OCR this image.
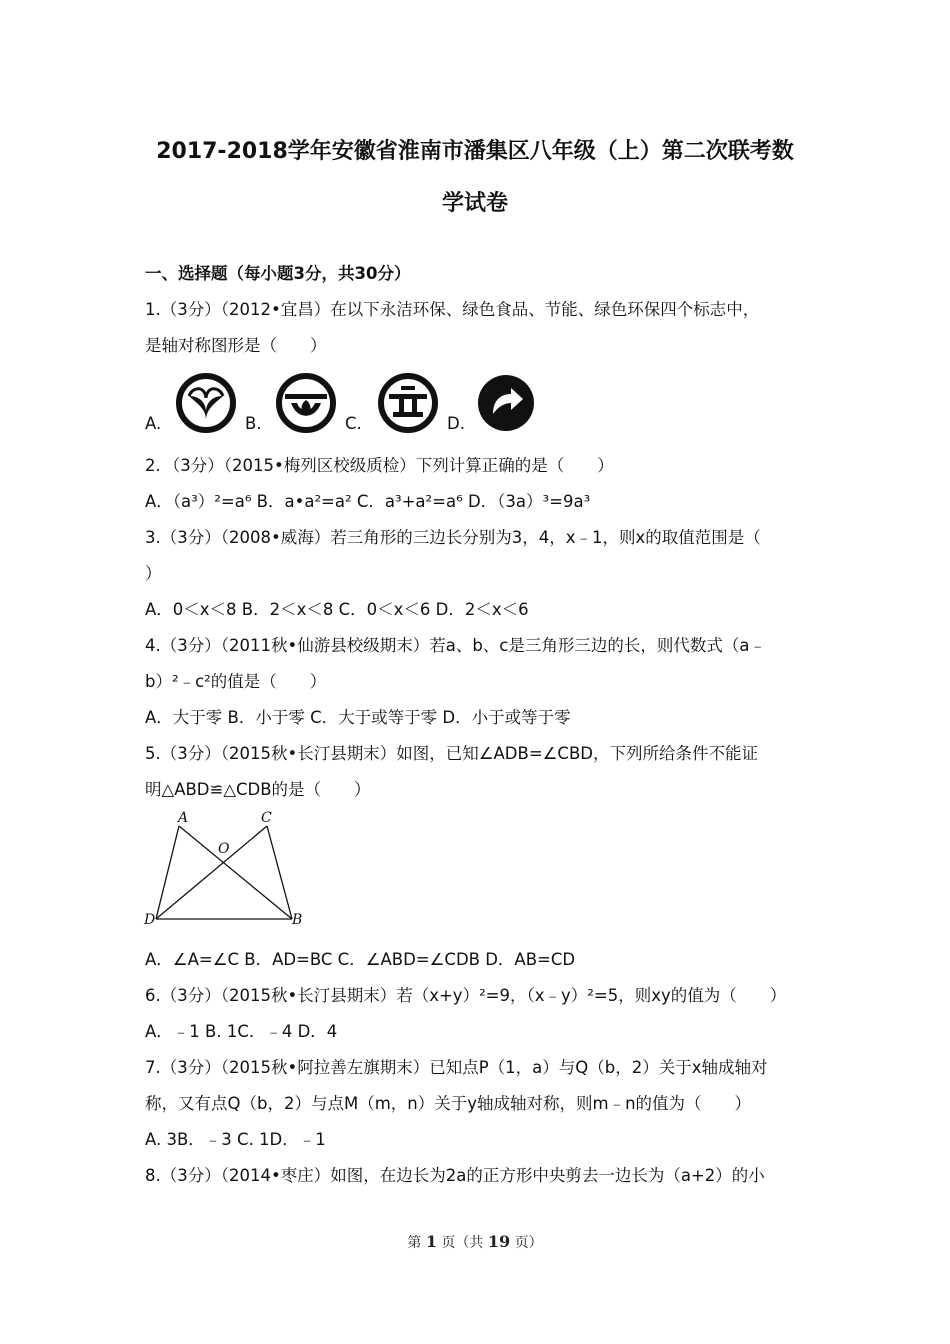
2017-2018学年安徽省淮南市潘集区八年级（上）第二次联考数
学试卷
一、选择题（每小题3分，共30分）
1.（3分）（2012•宜昌）在以下永洁环保、绿色食品、节能、绿色环保四个标志中，
是轴对称图形是（　　）
A.	B.	C.	D.
2．（3分）（2015•梅列区校级质检）下列计算正确的是（　　）
A．（a³）²=a⁶ B．a•a²=a² C．a³+a²=a⁶ D．（3a）³=9a³
3.（3分）（2008•威海）若三角形的三边长分别为3，4，x﹣1，则x的取值范围是（
）
A．0＜x＜8 B．2＜x＜8 C．0＜x＜6 D．2＜x＜6
4.（3分）（2011秋•仙游县校级期末）若a、b、c是三角形三边的长，则代数式（a﹣
b）²﹣c²的值是（　　）
A．大于零 B．小于零 C．大于或等于零 D．小于或等于零
5.（3分）（2015秋•长汀县期末）如图，已知∠ADB=∠CBD，下列所给条件不能证
明△ABD≌△CDB的是（　　）
A	C
O
D	B
A．∠A=∠C B．AD=BC C．∠ABD=∠CDB D．AB=CD
6.（3分）（2015秋•长汀县期末）若（x+y）²=9，（x﹣y）²=5，则xy的值为（　　）
A．﹣1 B. 1C．﹣4 D．4
7.（3分）（2015秋•阿拉善左旗期末）已知点P（1，a）与Q（b，2）关于x轴成轴对
称，又有点Q（b，2）与点M（m，n）关于y轴成轴对称，则m﹣n的值为（　　）
A. 3B．﹣3 C. 1D．﹣1
8.（3分）（2014•枣庄）如图，在边长为2a的正方形中央剪去一边长为（a+2）的小
第 1 页（共 19 页）
